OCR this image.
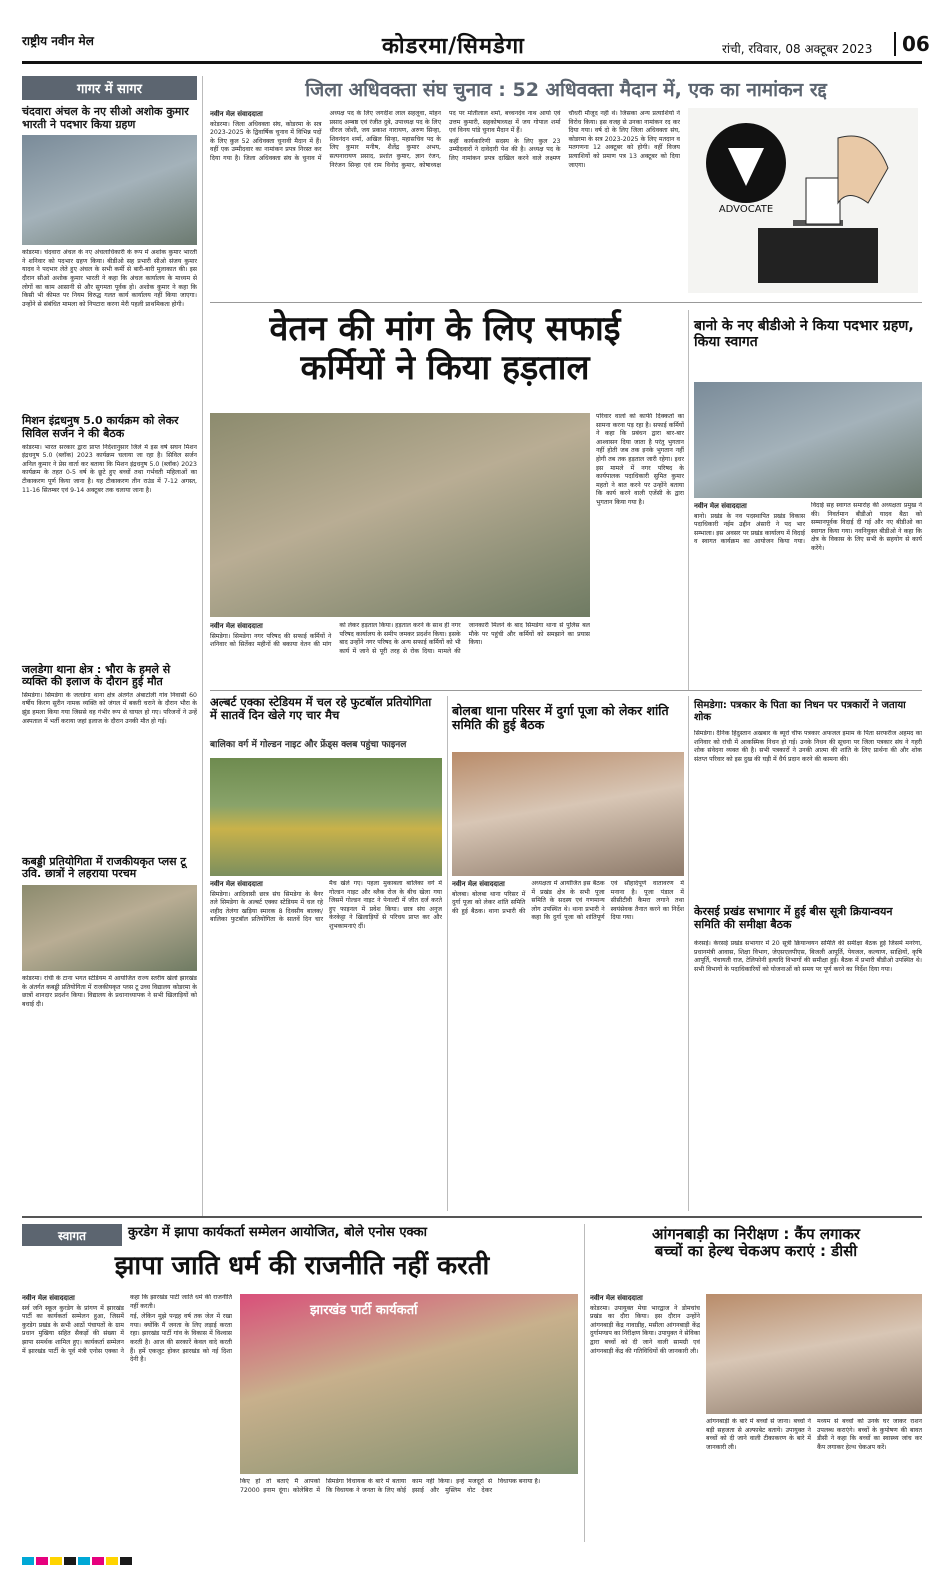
राष्ट्रीय नवीन मेल	कोडरमा/सिमडेगा	रांची, रविवार, 08 अक्टूबर 2023	06
गागर में सागर
चंदवारा अंचल के नए सीओ अशोक कुमार भारती ने पदभार किया ग्रहण
कोडरमा। चंदवारा अंचल के नए अंचलाधिकारी के रूप में अशोक कुमार भारती ने शनिवार को पदभार ग्रहण किया। बीडीओ सह प्रभारी सीओ संजय कुमार यादव ने पदभार लेते हुए अंचल के सभी कर्मी से बारी-बारी मुलाकात की। इस दौरान सीओ अशोक कुमार भारती ने कहा कि अंचल कार्यालय के माध्यम से लोगों का काम आसानी से और सुगमता पूर्वक हो। अशोक कुमार ने कहा कि किसी भी कीमत पर नियम विरुद्ध गलत कार्य कार्यालय नहीं किया जाएगा। उन्होंने से संबंधित मामला को निपटारा करना मेरी पहली प्राथमिकता होगी।
मिशन इंद्रधनुष 5.0 कार्यक्रम को लेकर सिविल सर्जन ने की बैठक
कोडरमा। भारत सरकार द्वारा प्राप्त निर्देशानुसार जिले में इस वर्ष सघन मिशन इंद्रधनुष 5.0 (ब्लॉक) 2023 कार्यक्रम चलाया जा रहा है। सिविल सर्जन अनिल कुमार ने प्रेस वार्ता कर बताया कि मिशन इंद्रधनुष 5.0 (ब्लॉक) 2023 कार्यक्रम के तहत 0-5 वर्ष के छूटे हुए बच्चों तथा गर्भवती महिलाओं का टीकाकरण पूर्ण किया जाना है। यह टीकाकरण तीन राउंड में 7-12 अगस्त, 11-16 सितम्बर एवं 9-14 अक्टूबर तक चलाया जाना है।
जलडेगा थाना क्षेत्र : भौरा के हमले से व्यक्ति की इलाज के दौरान हुई मौत
सिमडेगा। सिमडेगा के जलडेगा थाना क्षेत्र अंतर्गत अंबाटोली गांव निवासी 60 वर्षीय किरण सुरीन नामक व्यक्ति को जंगल में बकरी चराने के दौरान भौरा के झुंड हमला किया गया जिससे वह गंभीर रूप से घायल हो गए। परिजनों ने उन्हें अस्पताल में भर्ती कराया जहां इलाज के दौरान उनकी मौत हो गई।
कबड्डी प्रतियोगिता में राजकीयकृत प्लस टू उवि. छात्रों ने लहराया परचम
कोडरमा। रांची के टाना भगत स्टेडियम में आयोजित राज्य स्तरीय खेलो झारखंड के अंतर्गत कबड्डी प्रतियोगिता में राजकीयकृत प्लस टू उच्च विद्यालय कोडरमा के छात्रों शानदार प्रदर्शन किया। विद्यालय के प्रधानाध्यापक ने सभी खिलाड़ियों को बधाई दी।
जिला अधिवक्ता संघ चुनाव : 52 अधिवक्ता मैदान में, एक का नामांकन रद्द
नवीन मेल संवाददाता

कोडरमा। जिला अधिवक्ता संघ, कोडरमा के सत्र 2023-2025 के द्विवार्षिक चुनाव में विभिन्न पदों के लिए कुल 52 अधिवक्ता चुनावी मैदान में हैं। वहीं एक उम्मीदवार का नामांकन प्रपत्र निरस्त कर दिया गया है। जिला अधिवक्ता संघ के चुनाव में अध्यक्ष पद के लिए जगदीश लाल सहलूवा, मोहन प्रसाद अम्बष्ठ एवं रंजीत दुबे, उपाध्यक्ष पद के लिए धीरज जोशी, जय प्रकाश नारायण, अरुण सिन्हा, शिवनंदन शर्मा, अखिल सिन्हा, महासचिव पद के लिए कुमार मनीष, शैलेंद्र कुमार अभय, सत्यनारायण प्रसाद, प्रशांत कुमार, ज्ञान रंजन, निरंजन सिन्हा एवं राम विनोद कुमार, कोषाध्यक्ष पद पर मोतीलाल शर्मा, बच्चनदेव नाथ आर्या एवं उत्तम कुमारी, सहकोषाध्यक्ष में जय गोपाल शर्मा एवं विनय पांडे चुनाव मैदान में हैं।

कहीं कार्यकारिणी सदस्य के लिए कुल 23 उम्मीदवारों ने दावेदारी पेश की है। अध्यक्ष पद के लिए नामांकन प्रपत्र दाखिल करने वाले लक्ष्मण चौधरी मौजूद नहीं थे। जिसका अन्य प्रत्याशियों ने विरोध किया। इस वजह से उनका नामांकन रद कर दिया गया। वर्ष दो के लिए जिला अधिवक्ता संघ, कोडरमा के सत्र 2023-2025 के लिए मतदान व मतगणना 12 अक्टूबर को होगी। वहीं विजय प्रत्याशियों को प्रमाण पत्र 13 अक्टूबर को दिया जाएगा।

ADVOCATE
वेतन की मांग के लिए सफाई
कर्मियों ने किया हड़ताल
नवीन मेल संवाददाता

सिमडेगा। सिमडेगा नगर परिषद की सफाई कर्मियों ने शनिवार को सिर्तेका महीनों की बकाया वेतन की मांग को लेकर हड़ताल किया। हड़ताल करने के साथ ही नगर परिषद कार्यालय के समीप जमकर प्रदर्शन किया। इसके बाद उन्होंने नगर परिषद के अन्य सफाई कर्मियों को भी कार्य में जाने से पूरी तरह से रोक दिया। मामले की जानकारी मिलने के बाद सिमडेगा थाना से पुलिस बल मौके पर पहुंची और कर्मियों को समझाने का प्रयास किया।

परिवार वालों को काफी दिक्कतों का सामना करना पड़ रहा है। सफाई कर्मियों ने कहा कि प्रबंधन द्वारा बार-बार आश्वासन दिया जाता है परंतु भुगतान नहीं होती जब तक इनके भुगतान नहीं होगी तब तक हड़ताल जारी रहेगा। इधर इस मामले में नगर परिषद के कार्यपालक पदाधिकारी सुमित कुमार महतो ने बात करने पर उन्होंने बताया कि कार्य करने वाली एजेंसी के द्वारा भुगतान किया गया है।
बानो के नए बीडीओ ने किया पदभार ग्रहण, किया स्वागत
नवीन मेल संवाददाता

बानो। प्रखंड के नव पदस्थापित प्रखंड विकास पदाधिकारी नईम उद्दीन अंसारी ने पद भार सम्भाला। इस अवसर पर प्रखंड कार्यालय में विदाई व स्वागत कार्यक्रम का आयोजन किया गया। विदाई सह स्वागत समारोह की अध्यक्षता प्रमुख ने की। निवर्तमान बीडीओ यादव बैठा को सम्मानपूर्वक विदाई दी गई और नए बीडीओ का स्वागत किया गया। नवनियुक्त बीडीओ ने कहा कि क्षेत्र के विकास के लिए सभी के सहयोग से कार्य करेंगे।

अल्बर्ट एक्का स्टेडियम में चल रहे फुटबॉल प्रतियोगिता में सातवें दिन खेले गए चार मैच
बालिका वर्ग में गोल्डन नाइट और फ्रेंड्स क्लब पहुंचा फाइनल
नवीन मेल संवाददाता

सिमडेगा। आदिवासी छात्र संघ सिमडेगा के बैनर तले सिमडेगा के अल्बर्ट एक्का स्टेडियम में चल रहे शहीद तेलंगा खड़िया स्मारक 8 दिवसीय बालक/बालिका फुटबॉल प्रतियोगिता के सातवें दिन चार मैच खेले गए। पहला मुकाबला बालिका वर्ग में गोल्डन नाइट और ब्लैक रोज के बीच खेला गया जिसमें गोल्डन नाइट ने पेनाल्टी में जीत दर्ज करते हुए फाइनल में प्रवेश किया। छात्र संघ अनुज केरकेट्टा ने खिलाड़ियों से परिचय प्राप्त कर और शुभकामनाएं दीं।

बोलबा थाना परिसर में दुर्गा पूजा को लेकर शांति समिति की हुई बैठक
नवीन मेल संवाददाता

बोलबा। बोलबा थाना परिसर में दुर्गा पूजा को लेकर शांति समिति की हुई बैठक। थाना प्रभारी की अध्यक्षता में आयोजित इस बैठक में प्रखंड क्षेत्र के सभी पूजा समिति के सदस्य एवं गणमान्य लोग उपस्थित थे। थाना प्रभारी ने कहा कि दुर्गा पूजा को शांतिपूर्ण एवं सौहार्दपूर्ण वातावरण में मनाना है। पूजा पंडाल में सीसीटीवी कैमरा लगाने तथा स्वयंसेवक तैनात करने का निर्देश दिया गया।

सिमडेगा: पत्रकार के पिता का निधन पर पत्रकारों ने जताया शोक
सिमडेगा। दैनिक हिंदुस्तान अखबार के ब्यूरो चीफ पत्रकार अफजल इमाम के पिता सरफरीज अहमद का शनिवार को रांची में आकस्मिक निधन हो गई। उनके निधन की सूचना पर जिला पत्रकार संघ ने गहरी शोक संवेदना व्यक्त की है। सभी पत्रकारों ने उनकी आत्मा की शांति के लिए प्रार्थना की और शोक संतप्त परिवार को इस दुख की घड़ी में धैर्य प्रदान करने की कामना की।
केरसई प्रखंड सभागार में हुई बीस सूत्री क्रियान्वयन समिति की समीक्षा बैठक
केरसई। केरसई प्रखंड सभागार में 20 सूत्री क्रियान्वयन समिति की समीक्षा बैठक हुई जिसमें मनरेगा, प्रधानमंत्री आवास, शिक्षा विभाग, जेएसएलपीएस, बिजली आपूर्ति, पेयजल, कल्याण, साक्षियों, कृषि आपूर्ति, पंचायती राज, टेलिफोनी इत्यादि विभागों की समीक्षा हुई। बैठक में प्रभारी बीडीओ उपस्थित थे। सभी विभागों के पदाधिकारियों को योजनाओं को समय पर पूर्ण करने का निर्देश दिया गया।
स्वागत	कुरडेग में झापा कार्यकर्ता सम्मेलन आयोजित, बोले एनोस एक्का
झापा जाति धर्म की राजनीति नहीं करती
नवीन मेल संवाददाता

सर्व जनि स्कूल कुरडेग के प्रांगण में झारखंड पार्टी का कार्यकर्ता सम्मेलन हुआ, जिसमें कुरडेग प्रखंड के सभी आठों पंचायतों के ग्राम प्रधान मुखिया सहित सैकड़ों की संख्या में झापा समर्थक शामिल हुए। कार्यकर्ता सम्मेलन में झारखंड पार्टी के पूर्व मंत्री एनोस एक्का ने कहा कि झारखंड पार्टी जाति धर्म की राजनीति नहीं करती।

गई, लेकिन मुझे पन्द्रह वर्ष तक जेल में रखा गया। क्योंकि मैं जनता के लिए लड़ाई करता रहा। झारखंड पार्टी गांव के विकास में विश्वास करती है। आज की सरकारें केवल वादे करती हैं। हमें एकजुट होकर झारखंड को नई दिशा देनी है।

झारखंड पार्टी कार्यकर्ता
किए हों तो बताएं मैं आपको 72000 इनाम दूंगा। कोलेबिरा में सिमडेगा विधायक के बारे में बताया कि विधायक ने जनता के लिए कोई काम नहीं किया। इन्हें मजदूरों से इसाई और मुस्लिम वोट देकर विधायक बनाया है।
आंगनबाड़ी का निरीक्षण : कैंप लगाकर
बच्चों का हेल्थ चेकअप कराएं : डीसी
नवीन मेल संवाददाता

कोडरमा। उपायुक्त मेघा भारद्वाज ने डोमचांच प्रखंड का दौरा किया। इस दौरान उन्होंने आंगनबाड़ी केंद्र नावाडीह, मसीला आंगनबाड़ी केंद्र दुर्गामण्डप का निरीक्षण किया। उपायुक्त ने सेविका द्वारा बच्चों को दी जाने वाली सामग्री एवं आंगनबाड़ी केंद्र की गतिविधियों की जानकारी ली।

आंगनबाड़ी के बारे में बच्चों से जाना। बच्चों ने बड़ी सहजता से अल्फाबेट बताये। उपायुक्त ने बच्चों को दी जाने वाली टीकाकरण के बारे में जानकारी ली।
मध्यम से बच्चों को उनके घर जाकर राशन उपलब्ध कराएंगे। बच्चों के कुपोषण की बावत डीसी ने कहा कि बच्चों का स्वास्थ्य जांच कर कैंप लगाकर हेल्थ चेकअप करें।
